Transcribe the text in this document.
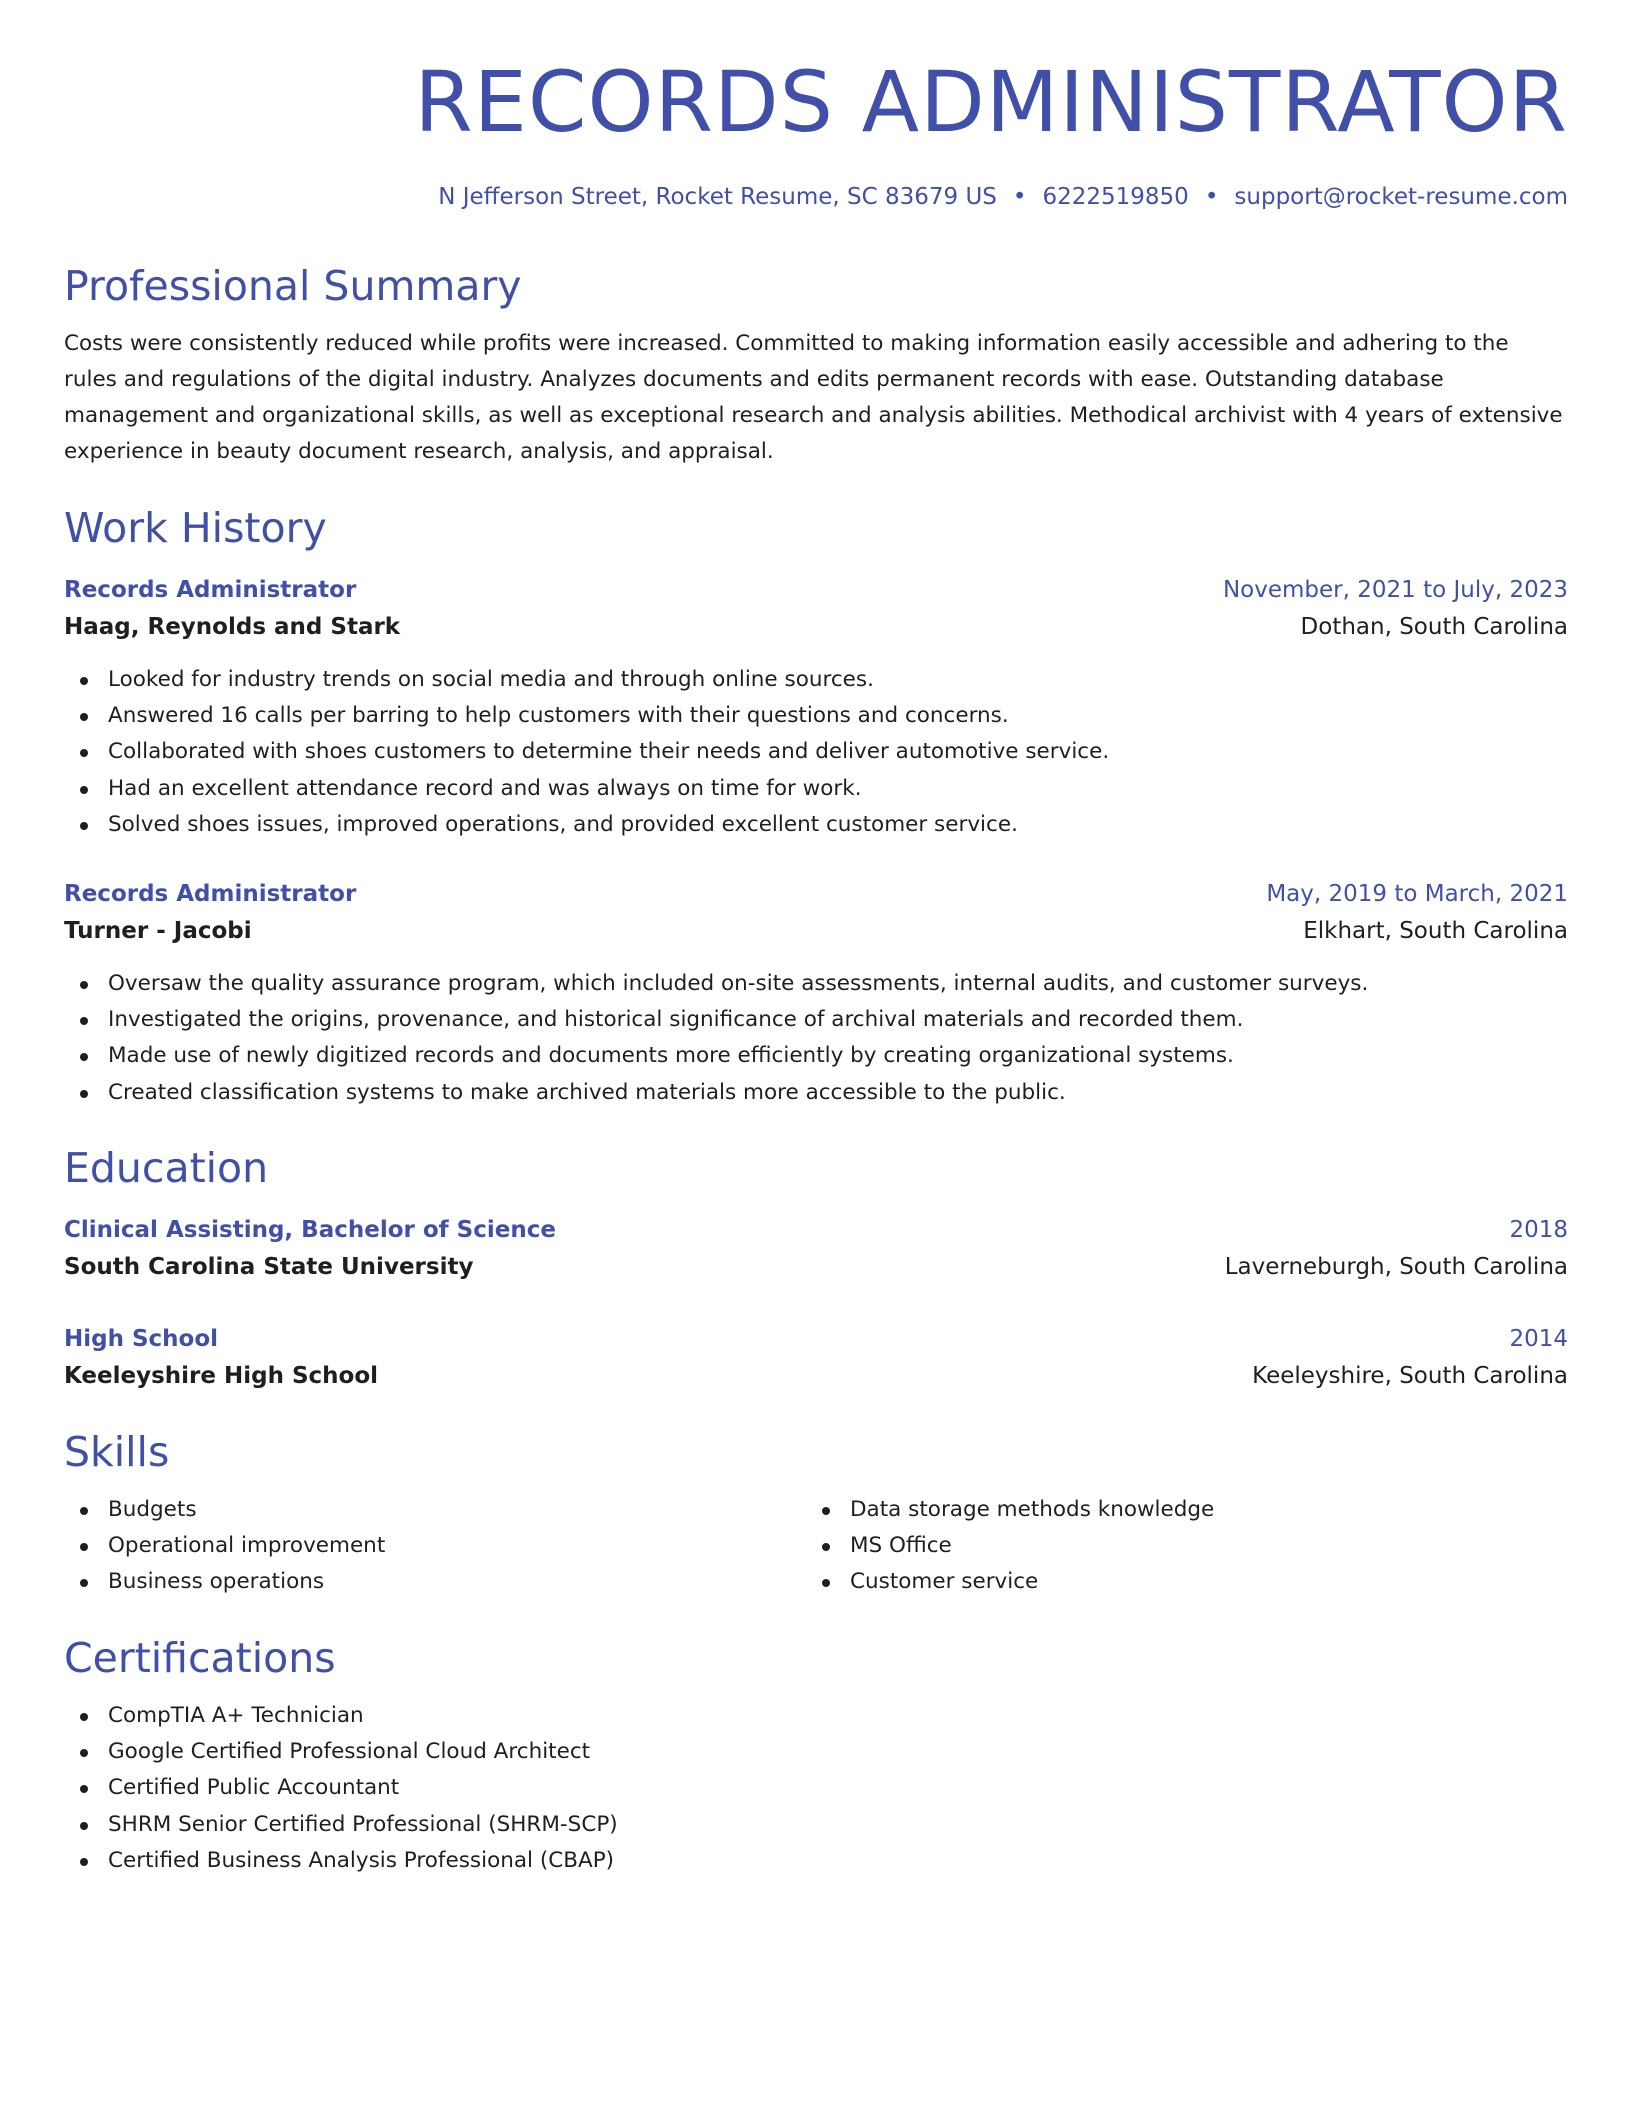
RECORDS ADMINISTRATOR
N Jefferson Street, Rocket Resume, SC 83679 US • 6222519850 • support@rocket-resume.com
Professional Summary
Costs were consistently reduced while profits were increased. Committed to making information easily accessible and adhering to the rules and regulations of the digital industry. Analyzes documents and edits permanent records with ease. Outstanding database management and organizational skills, as well as exceptional research and analysis abilities. Methodical archivist with 4 years of extensive experience in beauty document research, analysis, and appraisal.
Work History
Records Administrator	November, 2021 to July, 2023
Haag, Reynolds and Stark	Dothan, South Carolina
Looked for industry trends on social media and through online sources.
Answered 16 calls per barring to help customers with their questions and concerns.
Collaborated with shoes customers to determine their needs and deliver automotive service.
Had an excellent attendance record and was always on time for work.
Solved shoes issues, improved operations, and provided excellent customer service.
Records Administrator	May, 2019 to March, 2021
Turner - Jacobi	Elkhart, South Carolina
Oversaw the quality assurance program, which included on-site assessments, internal audits, and customer surveys.
Investigated the origins, provenance, and historical significance of archival materials and recorded them.
Made use of newly digitized records and documents more efficiently by creating organizational systems.
Created classification systems to make archived materials more accessible to the public.
Education
Clinical Assisting, Bachelor of Science	2018
South Carolina State University	Laverneburgh, South Carolina
High School	2014
Keeleyshire High School	Keeleyshire, South Carolina
Skills
Budgets
Operational improvement
Business operations
Data storage methods knowledge
MS Office
Customer service
Certifications
CompTIA A+ Technician
Google Certified Professional Cloud Architect
Certified Public Accountant
SHRM Senior Certified Professional (SHRM-SCP)
Certified Business Analysis Professional (CBAP)
